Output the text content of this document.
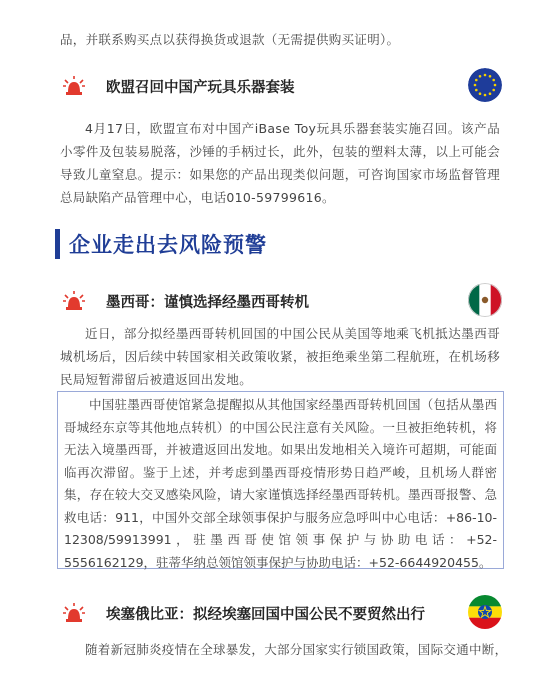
品，并联系购买点以获得换货或退款（无需提供购买证明）。

欧盟召回中国产玩具乐器套装

4月17日，欧盟宣布对中国产iBase Toy玩具乐器套装实施召回。该产品小零件及包装易脱落，沙锤的手柄过长，此外，包装的塑料太薄，以上可能会导致儿童窒息。提示：如果您的产品出现类似问题，可咨询国家市场监督管理总局缺陷产品管理中心，电话010-59799616。

企业走出去风险预警
墨西哥：谨慎选择经墨西哥转机

近日，部分拟经墨西哥转机回国的中国公民从美国等地乘飞机抵达墨西哥城机场后，因后续中转国家相关政策收紧，被拒绝乘坐第二程航班，在机场移民局短暂滞留后被遣返回出发地。

中国驻墨西哥使馆紧急提醒拟从其他国家经墨西哥转机回国（包括从墨西哥城经东京等其他地点转机）的中国公民注意有关风险。一旦被拒绝转机，将无法入境墨西哥，并被遣返回出发地。如果出发地相关入境许可超期，可能面临再次滞留。鉴于上述，并考虑到墨西哥疫情形势日趋严峻，且机场人群密集，存在较大交叉感染风险，请大家谨慎选择经墨西哥转机。墨西哥报警、急救电话：911，中国外交部全球领事保护与服务应急呼叫中心电话：+86-10-12308/59913991，驻墨西哥使馆领事保护与协助电话：+52-5556162129，驻蒂华纳总领馆领事保护与协助电话：+52-6644920455。

埃塞俄比亚：拟经埃塞回国中国公民不要贸然出行

随着新冠肺炎疫情在全球暴发，大部分国家实行锁国政策，国际交通中断，
